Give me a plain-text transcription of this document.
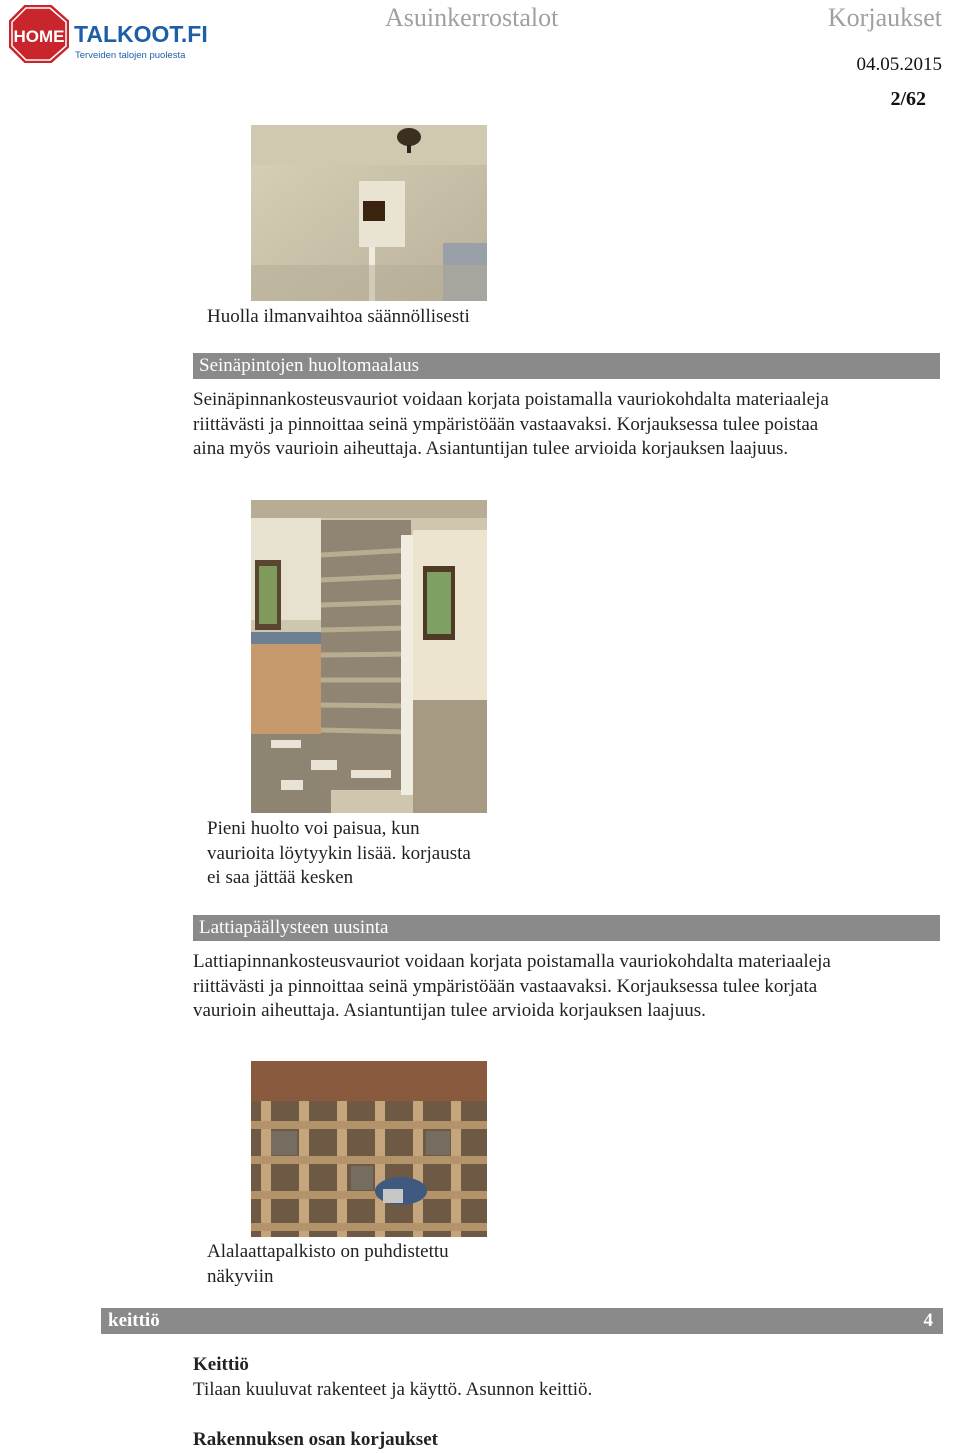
HOME TALKOOT.FI
Terveiden talojen puolesta
Asuinkerrostalot	Korjaukset
04.05.2015
2/62
Huolla ilmanvaihtoa säännöllisesti
Seinäpintojen huoltomaalaus
Seinäpinnankosteusvauriot voidaan korjata poistamalla vauriokohdalta materiaaleja
riittävästi ja pinnoittaa seinä ympäristöään vastaavaksi. Korjauksessa tulee poistaa
aina myös vaurioin aiheuttaja. Asiantuntijan tulee arvioida korjauksen laajuus.
Pieni huolto voi paisua, kun
vaurioita löytyykin lisää. korjausta
ei saa jättää kesken
Lattiapäällysteen uusinta
Lattiapinnankosteusvauriot voidaan korjata poistamalla vauriokohdalta materiaaleja
riittävästi ja pinnoittaa seinä ympäristöään vastaavaksi. Korjauksessa tulee korjata
vaurioin aiheuttaja. Asiantuntijan tulee arvioida korjauksen laajuus.
Alalaattapalkisto on puhdistettu
näkyviin
keittiö	4
Keittiö
Tilaan kuuluvat rakenteet ja käyttö. Asunnon keittiö.
Rakennuksen osan korjaukset
